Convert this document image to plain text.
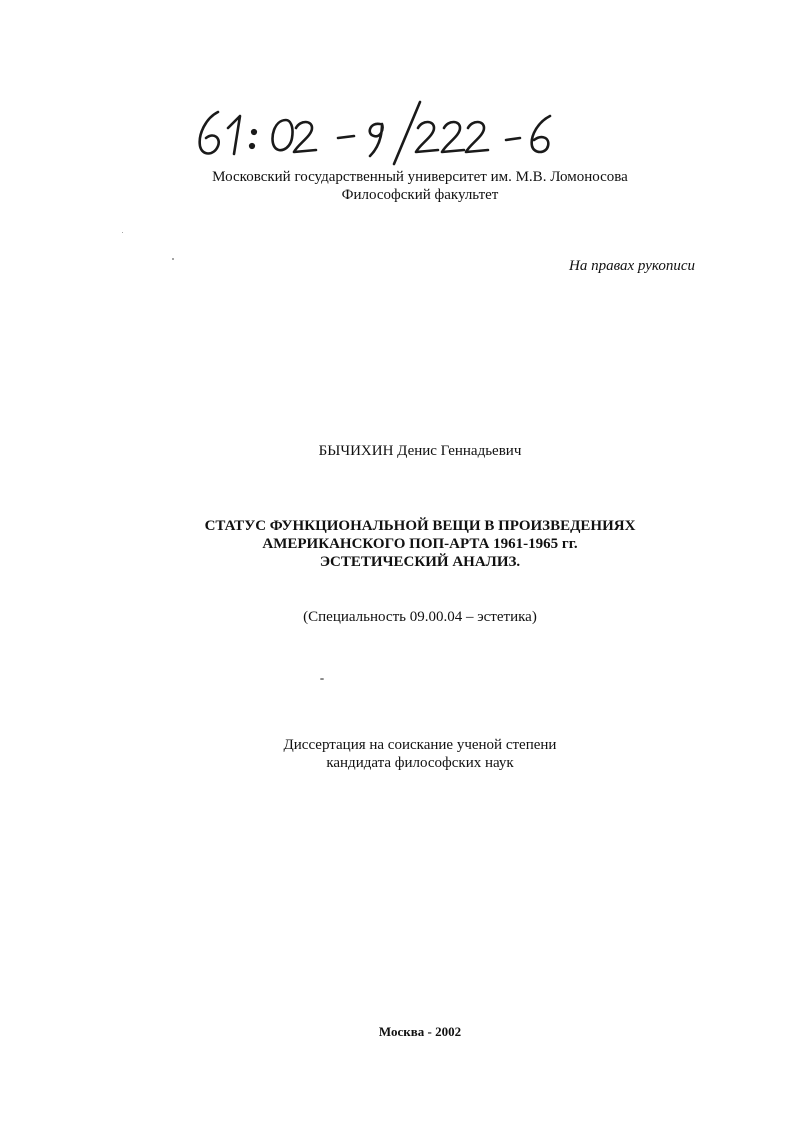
Московский государственный университет им. М.В. Ломоносова
Философский факультет
На правах рукописи
БЫЧИХИН Денис Геннадьевич
СТАТУС ФУНКЦИОНАЛЬНОЙ ВЕЩИ В ПРОИЗВЕДЕНИЯХ
АМЕРИКАНСКОГО ПОП-АРТА 1961-1965 гг.
ЭСТЕТИЧЕСКИЙ АНАЛИЗ.
(Специальность 09.00.04 – эстетика)
Диссертация на соискание ученой степени
кандидата философских наук
Москва - 2002
